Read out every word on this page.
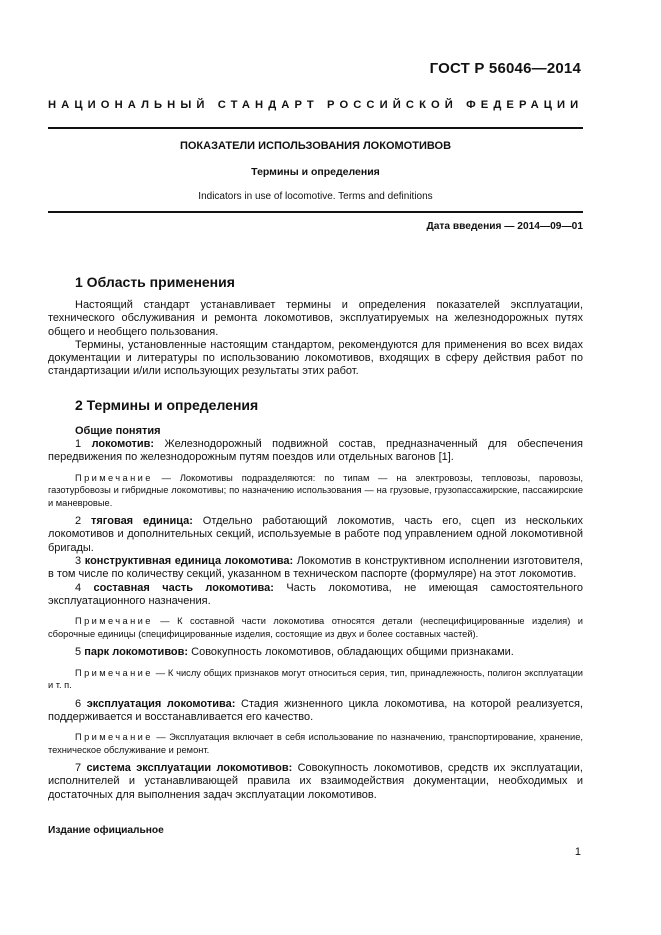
ГОСТ Р 56046—2014
НАЦИОНАЛЬНЫЙ СТАНДАРТ РОССИЙСКОЙ ФЕДЕРАЦИИ
ПОКАЗАТЕЛИ ИСПОЛЬЗОВАНИЯ ЛОКОМОТИВОВ
Термины и определения
Indicators in use of locomotive. Terms and definitions
Дата введения — 2014—09—01
1 Область применения

Настоящий стандарт устанавливает термины и определения показателей эксплуатации, технического обслуживания и ремонта локомотивов, эксплуатируемых на железнодорожных путях общего и необщего пользования.

Термины, установленные настоящим стандартом, рекомендуются для применения во всех видах документации и литературы по использованию локомотивов, входящих в сферу действия работ по стандартизации и/или использующих результаты этих работ.

2 Термины и определения

Общие понятия

1 локомотив: Железнодорожный подвижной состав, предназначенный для обеспечения передвижения по железнодорожным путям поездов или отдельных вагонов [1].

Примечание — Локомотивы подразделяются: по типам — на электровозы, тепловозы, паровозы, газотурбовозы и гибридные локомотивы; по назначению использования — на грузовые, грузопассажирские, пассажирские и маневровые.

2 тяговая единица: Отдельно работающий локомотив, часть его, сцеп из нескольких локомотивов и дополнительных секций, используемые в работе под управлением одной локомотивной бригады.

3 конструктивная единица локомотива: Локомотив в конструктивном исполнении изготовителя, в том числе по количеству секций, указанном в техническом паспорте (формуляре) на этот локомотив.

4 составная часть локомотива: Часть локомотива, не имеющая самостоятельного эксплуатационного назначения.

Примечание — К составной части локомотива относятся детали (неспецифицированные изделия) и сборочные единицы (специфицированные изделия, состоящие из двух и более составных частей).

5 парк локомотивов: Совокупность локомотивов, обладающих общими признаками.

Примечание — К числу общих признаков могут относиться серия, тип, принадлежность, полигон эксплуатации и т. п.

6 эксплуатация локомотива: Стадия жизненного цикла локомотива, на которой реализуется, поддерживается и восстанавливается его качество.

Примечание — Эксплуатация включает в себя использование по назначению, транспортирование, хранение, техническое обслуживание и ремонт.

7 система эксплуатации локомотивов: Совокупность локомотивов, средств их эксплуатации, исполнителей и устанавливающей правила их взаимодействия документации, необходимых и достаточных для выполнения задач эксплуатации локомотивов.

Издание официальное
1
